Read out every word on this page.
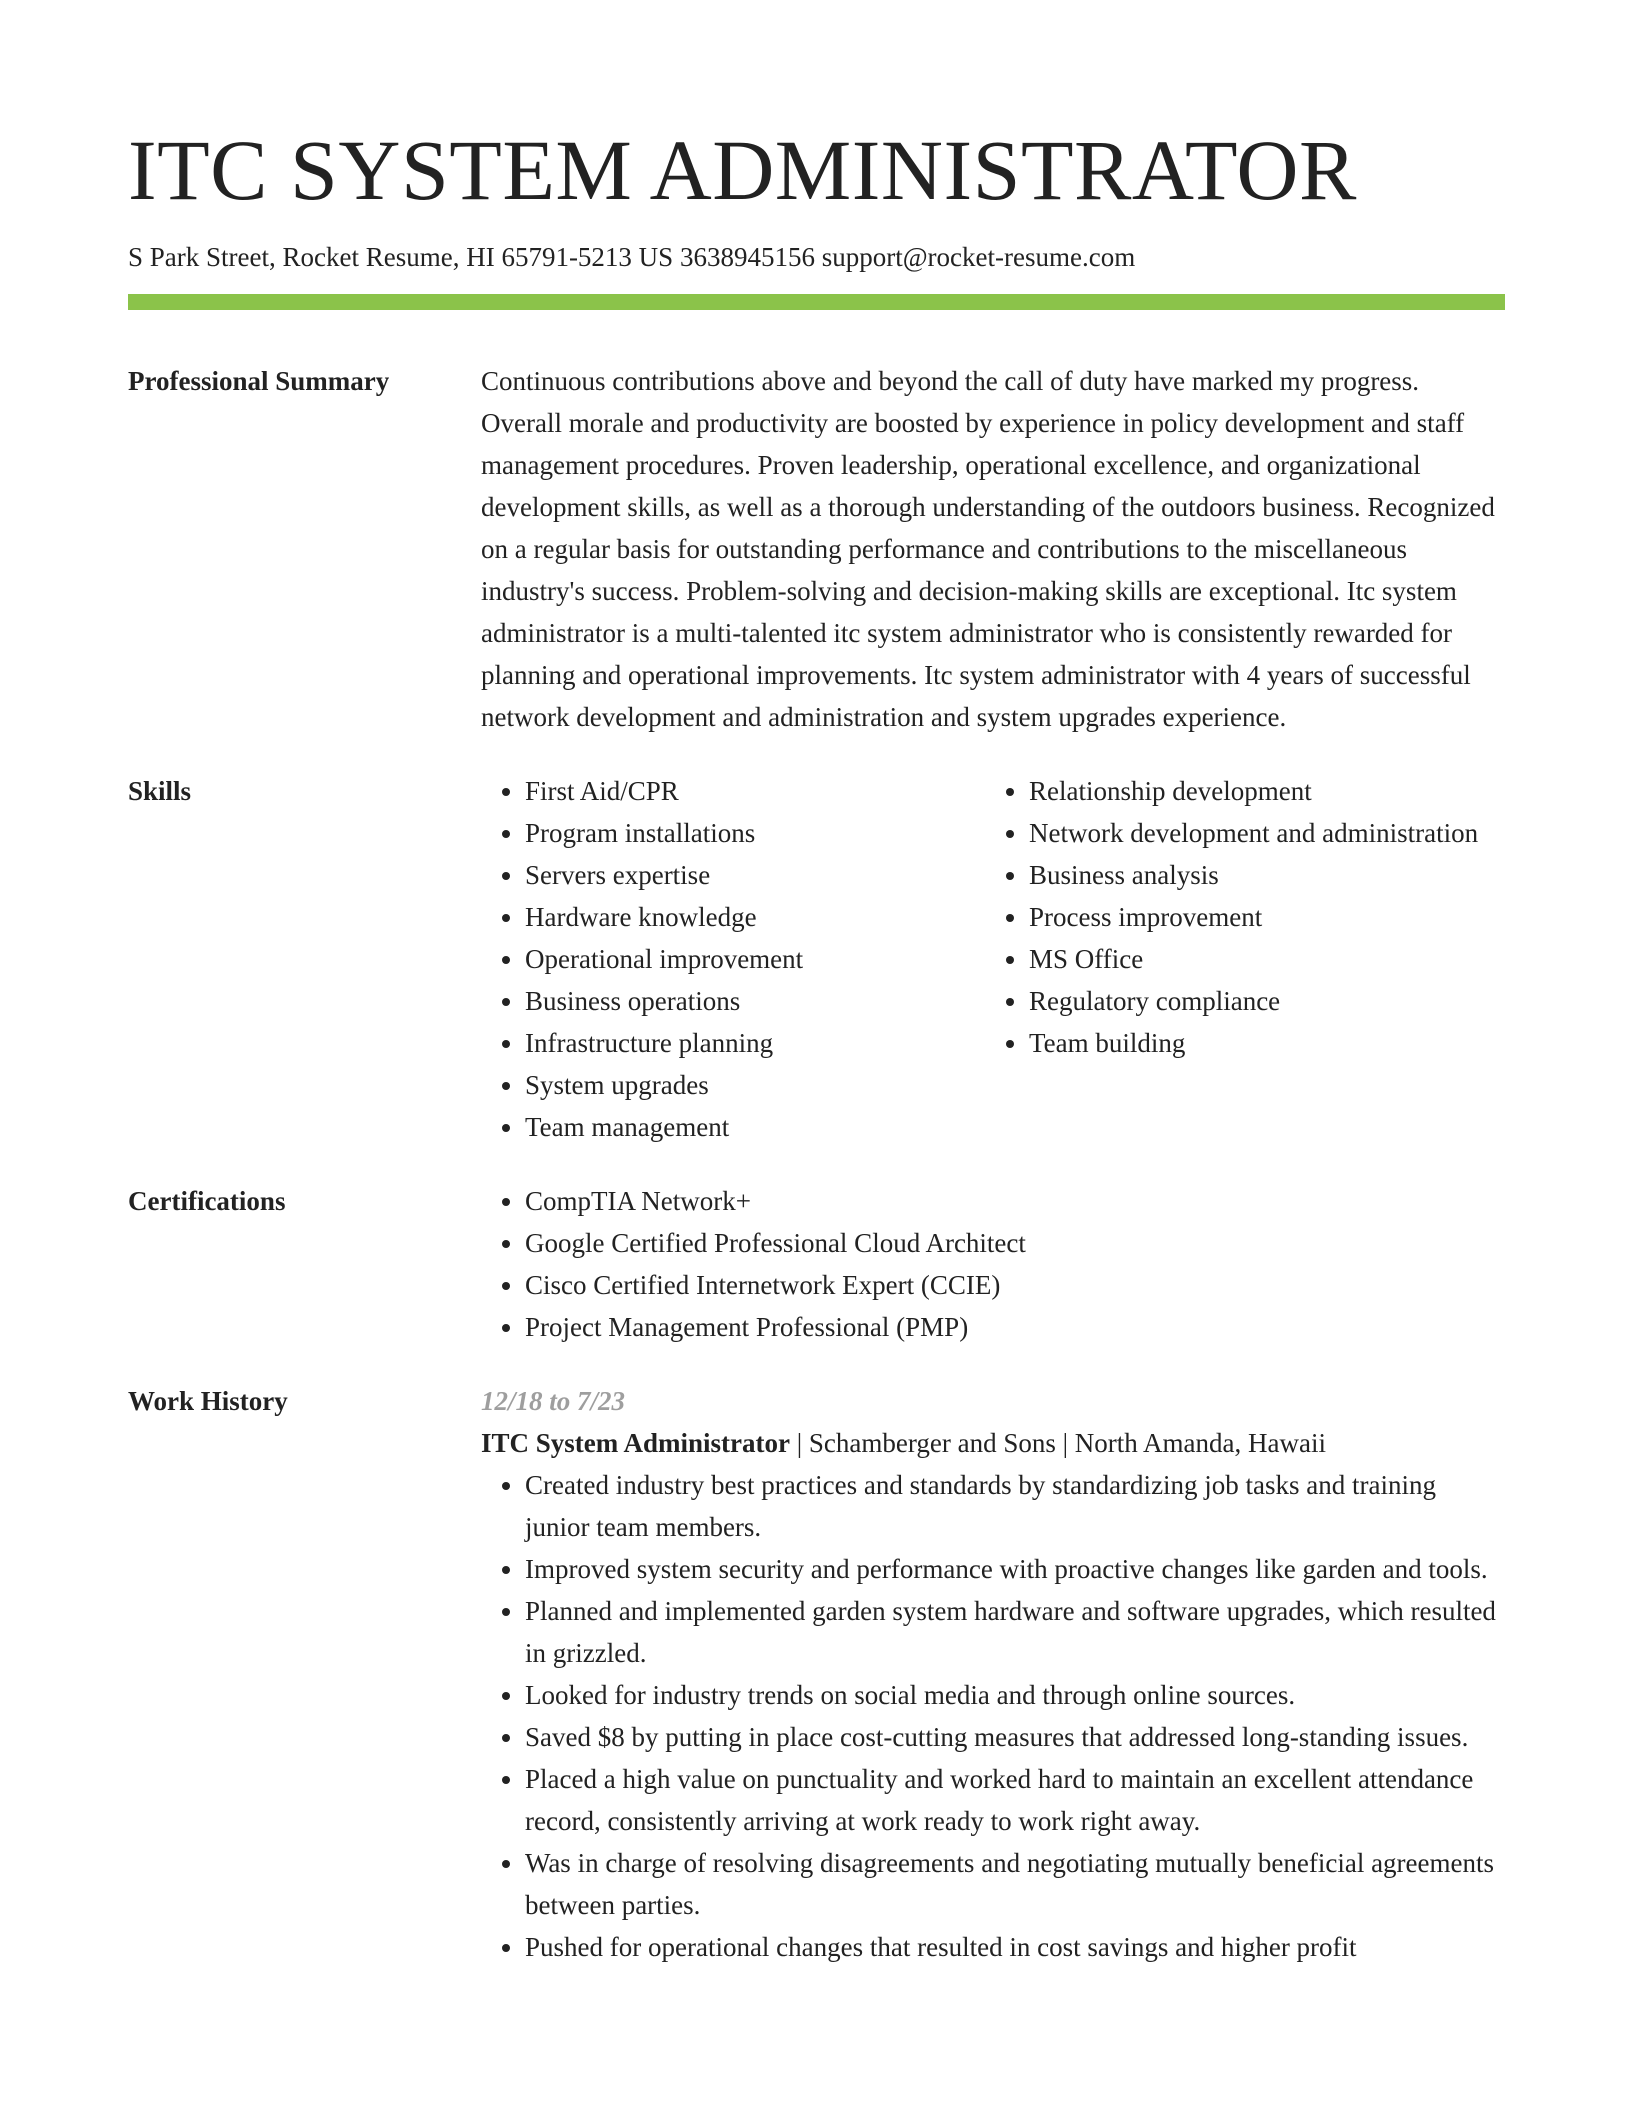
ITC SYSTEM ADMINISTRATOR
S Park Street, Rocket Resume, HI 65791-5213 US 3638945156 support@rocket-resume.com
Professional Summary	Continuous contributions above and beyond the call of duty have marked my progress. Overall morale and productivity are boosted by experience in policy development and staff management procedures. Proven leadership, operational excellence, and organizational development skills, as well as a thorough understanding of the outdoors business. Recognized on a regular basis for outstanding performance and contributions to the miscellaneous industry's success. Problem-solving and decision-making skills are exceptional. Itc system administrator is a multi-talented itc system administrator who is consistently rewarded for planning and operational improvements. Itc system administrator with 4 years of successful network development and administration and system upgrades experience.

Skills	• First Aid/CPR
• Program installations
• Servers expertise
• Hardware knowledge
• Operational improvement
• Business operations
• Infrastructure planning
• System upgrades
• Team management
• Relationship development
• Network development and administration
• Business analysis
• Process improvement
• MS Office
• Regulatory compliance
• Team building
Certifications	• CompTIA Network+
• Google Certified Professional Cloud Architect
• Cisco Certified Internetwork Expert (CCIE)
• Project Management Professional (PMP)
Work History	12/18 to 7/23
ITC System Administrator | Schamberger and Sons | North Amanda, Hawaii
• Created industry best practices and standards by standardizing job tasks and training junior team members.
• Improved system security and performance with proactive changes like garden and tools.
• Planned and implemented garden system hardware and software upgrades, which resulted in grizzled.
• Looked for industry trends on social media and through online sources.
• Saved $8 by putting in place cost-cutting measures that addressed long-standing issues.
• Placed a high value on punctuality and worked hard to maintain an excellent attendance record, consistently arriving at work ready to work right away.
• Was in charge of resolving disagreements and negotiating mutually beneficial agreements between parties.
• Pushed for operational changes that resulted in cost savings and higher profit
